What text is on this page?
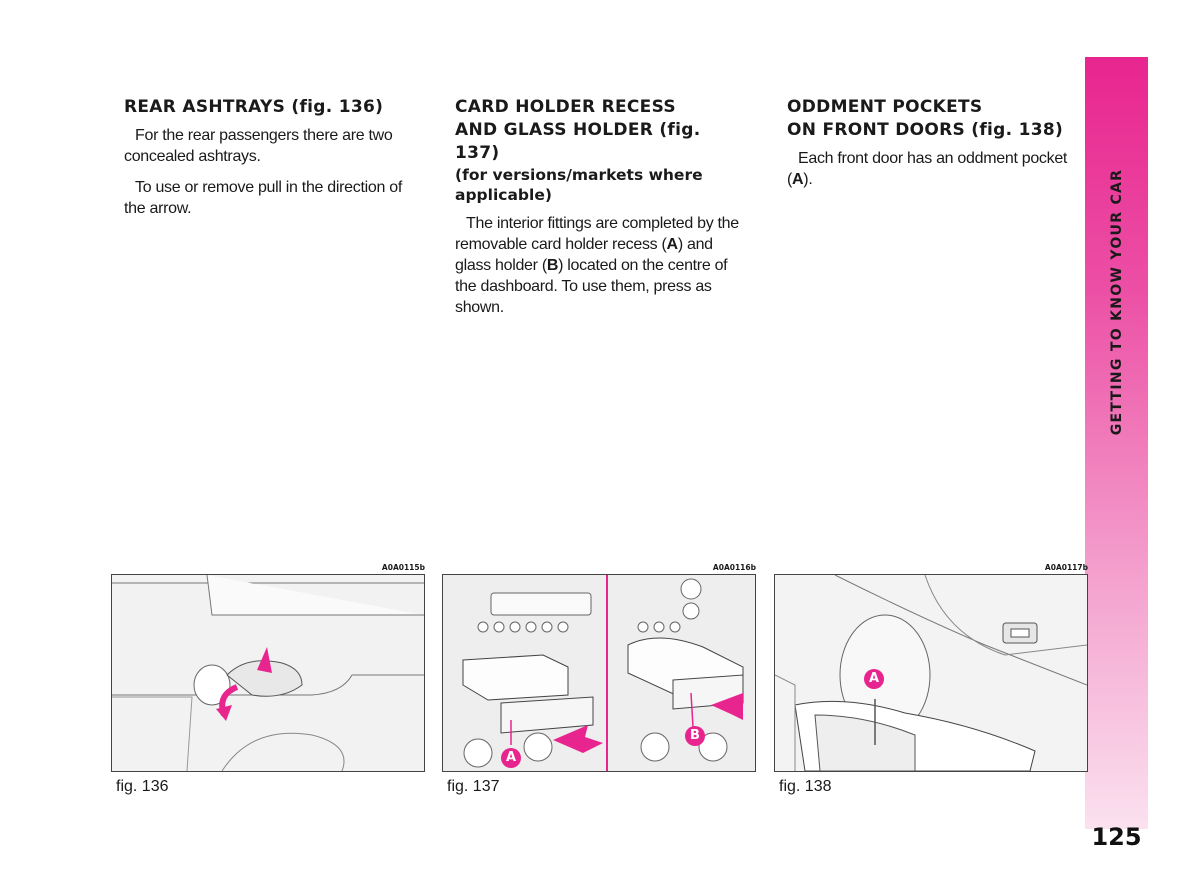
REAR ASHTRAYS (fig. 136)

For the rear passengers there are two concealed ashtrays.

To use or remove pull in the direction of the arrow.

CARD HOLDER RECESS
AND GLASS HOLDER (fig. 137)

(for versions/markets where applicable)

The interior fittings are completed by the removable card holder recess (A) and glass holder (B) located on the centre of the dashboard. To use them, press as shown.

ODDMENT POCKETS
ON FRONT DOORS (fig. 138)

Each front door has an oddment pocket (A).	GETTING TO KNOW YOUR CAR
125
A0A0115b
fig. 136
A0A0116b
fig. 137
A
B
A0A0117b
fig. 138
A
